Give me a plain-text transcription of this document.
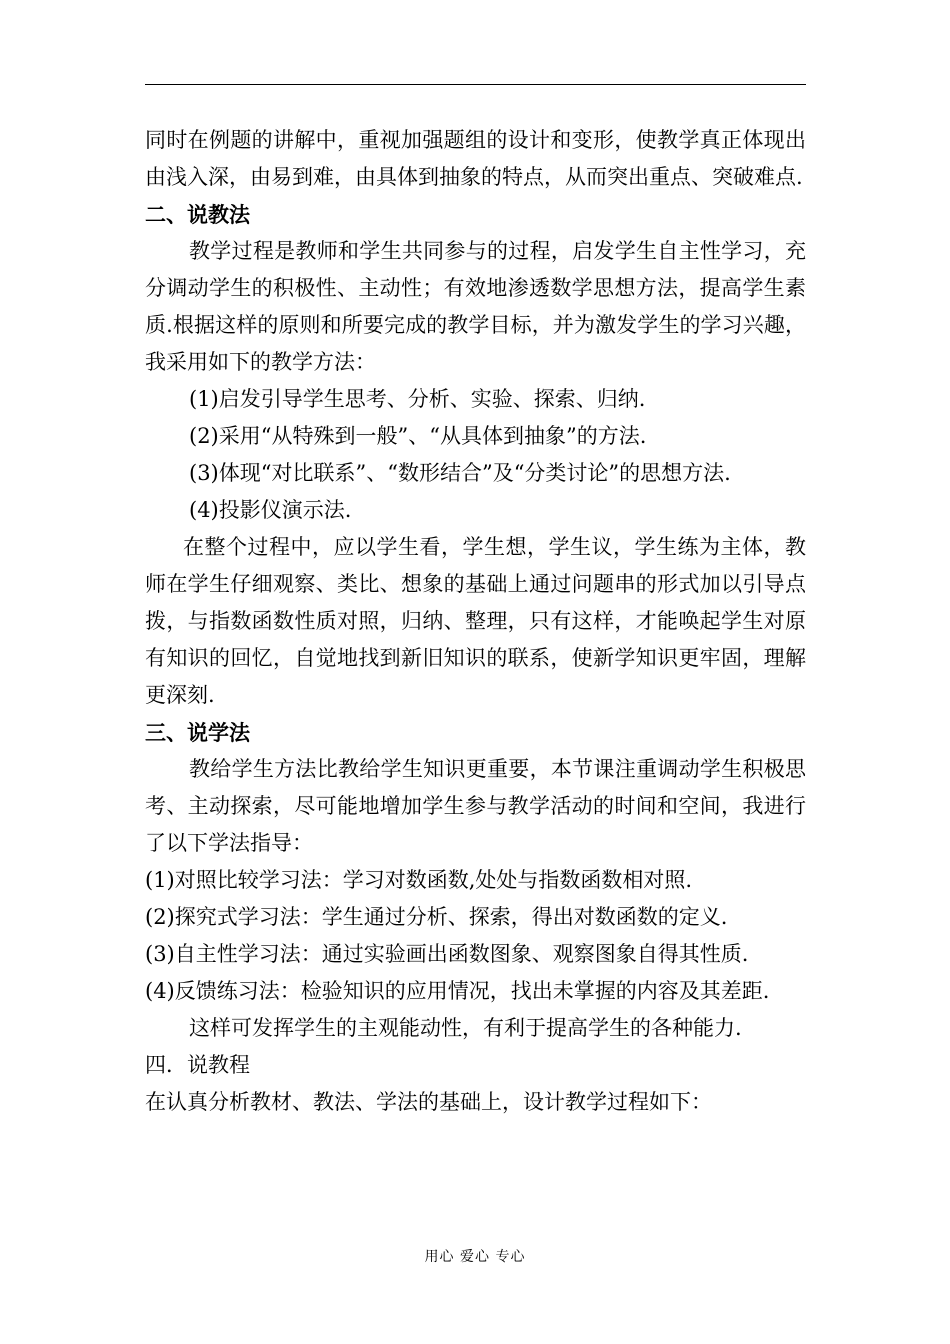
同时在例题的讲解中，重视加强题组的设计和变形，使教学真正体现出由浅入深，由易到难，由具体到抽象的特点，从而突出重点、突破难点.

二、说教法

教学过程是教师和学生共同参与的过程，启发学生自主性学习，充分调动学生的积极性、主动性；有效地渗透数学思想方法，提高学生素质.根据这样的原则和所要完成的教学目标，并为激发学生的学习兴趣，我采用如下的教学方法：

(1)启发引导学生思考、分析、实验、探索、归纳.

(2)采用“从特殊到一般”、“从具体到抽象”的方法.

(3)体现“对比联系”、“数形结合”及“分类讨论”的思想方法.

(4)投影仪演示法.

在整个过程中，应以学生看，学生想，学生议，学生练为主体，教师在学生仔细观察、类比、想象的基础上通过问题串的形式加以引导点拨，与指数函数性质对照，归纳、整理，只有这样，才能唤起学生对原有知识的回忆，自觉地找到新旧知识的联系，使新学知识更牢固，理解更深刻.

三、说学法

教给学生方法比教给学生知识更重要，本节课注重调动学生积极思考、主动探索，尽可能地增加学生参与教学活动的时间和空间，我进行了以下学法指导：

(1)对照比较学习法：学习对数函数,处处与指数函数相对照.

(2)探究式学习法：学生通过分析、探索，得出对数函数的定义.

(3)自主性学习法：通过实验画出函数图象、观察图象自得其性质.

(4)反馈练习法：检验知识的应用情况，找出未掌握的内容及其差距.

这样可发挥学生的主观能动性，有利于提高学生的各种能力.

四．说教程

在认真分析教材、教法、学法的基础上，设计教学过程如下：

用心 爱心 专心
